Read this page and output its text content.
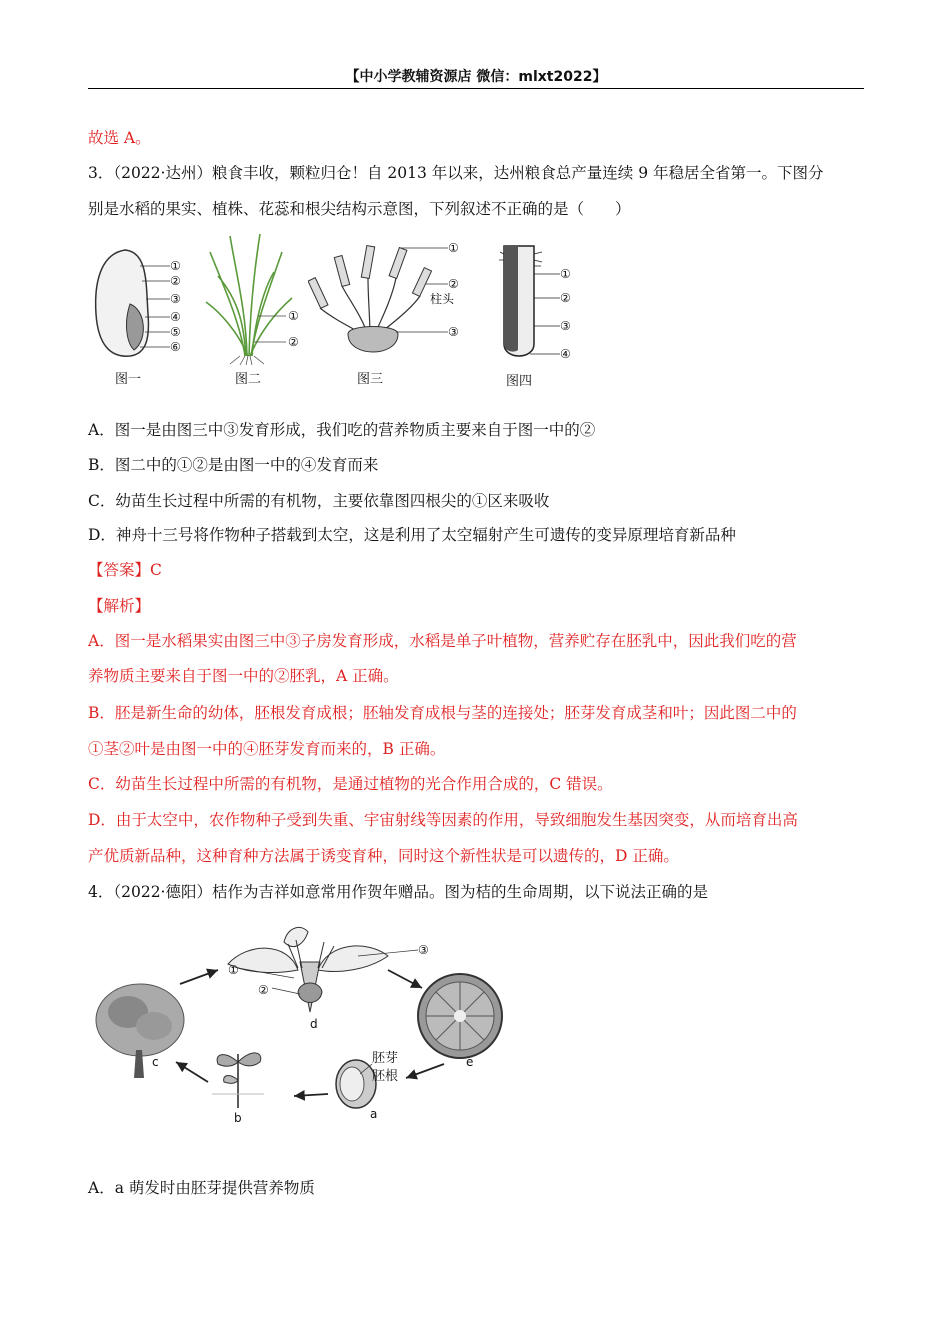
【中小学教辅资源店 微信：mlxt2022】
故选 A。
3．（2022·达州）粮食丰收，颗粒归仓！自 2013 年以来，达州粮食总产量连续 9 年稳居全省第一。下图分
别是水稻的果实、植株、花蕊和根尖结构示意图，下列叙述不正确的是（　　）
①
②
③
④
⑤
⑥
图一
①
②
图二
①
②
柱头
③
图三
①
②
③
④
图四
A．图一是由图三中③发育形成，我们吃的营养物质主要来自于图一中的②
B．图二中的①②是由图一中的④发育而来
C．幼苗生长过程中所需的有机物，主要依靠图四根尖的①区来吸收
D．神舟十三号将作物种子搭载到太空，这是利用了太空辐射产生可遗传的变异原理培育新品种
【答案】C
【解析】
A．图一是水稻果实由图三中③子房发育形成，水稻是单子叶植物，营养贮存在胚乳中，因此我们吃的营
养物质主要来自于图一中的②胚乳，A 正确。
B．胚是新生命的幼体，胚根发育成根；胚轴发育成根与茎的连接处；胚芽发育成茎和叶；因此图二中的
①茎②叶是由图一中的④胚芽发育而来的，B 正确。
C．幼苗生长过程中所需的有机物，是通过植物的光合作用合成的，C 错误。
D．由于太空中，农作物种子受到失重、宇宙射线等因素的作用，导致细胞发生基因突变，从而培育出高
产优质新品种，这种育种方法属于诱变育种，同时这个新性状是可以遗传的，D 正确。
4．（2022·德阳）桔作为吉祥如意常用作贺年赠品。图为桔的生命周期，以下说法正确的是
c
①
②
③
d
e
a
胚芽
胚根
b
A．a 萌发时由胚芽提供营养物质
